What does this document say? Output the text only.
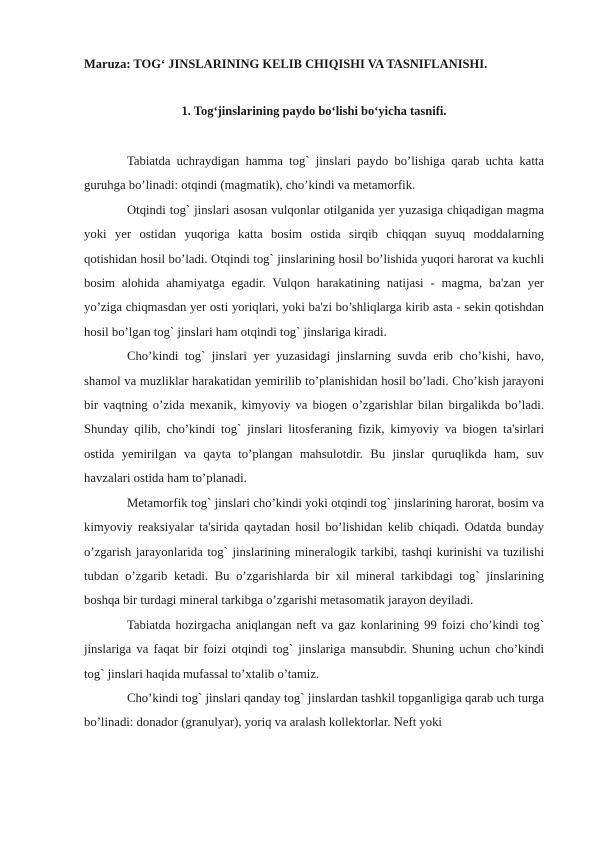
Maruza: TOG‘ JINSLARINING KELIB CHIQISHI VA TASNIFLANISHI.
1. Tog‘jinslarining paydo bo‘lishi bo‘yicha tasnifi.

Tabiatda uchraydigan hamma tog` jinslari paydo bo’lishiga qarab uchta katta guruhga bo’linadi: otqindi (magmatik), cho’kindi va metamorfik.

Otqindi tog` jinslari asosan vulqonlar otilganida yer yuzasiga chiqadigan magma yoki yer ostidan yuqoriga katta bosim ostida sirqib chiqqan suyuq moddalarning qotishidan hosil bo’ladi. Otqindi tog` jinslarining hosil bo’lishida yuqori harorat va kuchli bosim alohida ahamiyatga egadir. Vulqon harakatining natijasi - magma, ba'zan yer yo’ziga chiqmasdan yer osti yoriqlari, yoki ba'zi bo’shliqlarga kirib asta - sekin qotishdan hosil bo’lgan tog` jinslari ham otqindi tog` jinslariga kiradi.

Cho’kindi tog` jinslari yer yuzasidagi jinslarning suvda erib cho’kishi, havo, shamol va muzliklar harakatidan yemirilib to’planishidan hosil bo’ladi. Cho’kish jarayoni bir vaqtning o’zida mexanik, kimyoviy va biogen o’zgarishlar bilan birgalikda bo’ladi. Shunday qilib, cho’kindi tog` jinslari litosferaning fizik, kimyoviy va biogen ta'sirlari ostida yemirilgan va qayta to’plangan mahsulotdir. Bu jinslar quruqlikda ham, suv havzalari ostida ham to’planadi.

Metamorfik tog` jinslari cho’kindi yoki otqindi tog` jinslarining harorat, bosim va kimyoviy reaksiyalar ta'sirida qaytadan hosil bo’lishidan kelib chiqadi. Odatda bunday o’zgarish jarayonlarida tog` jinslarining mineralogik tarkibi, tashqi kurinishi va tuzilishi tubdan o’zgarib ketadi. Bu o’zgarishlarda bir xil mineral tarkibdagi tog` jinslarining boshqa bir turdagi mineral tarkibga o’zgarishi metasomatik jarayon deyiladi.

Tabiatda hozirgacha aniqlangan neft va gaz konlarining 99 foizi cho’kindi tog` jinslariga va faqat bir foizi otqindi tog` jinslariga mansubdir. Shuning uchun cho’kindi tog` jinslari haqida mufassal to’xtalib o’tamiz.

Cho’kindi tog` jinslari qanday tog` jinslardan tashkil topganligiga qarab uch turga bo’linadi: donador (granulyar), yoriq va aralash kollektorlar. Neft yoki
